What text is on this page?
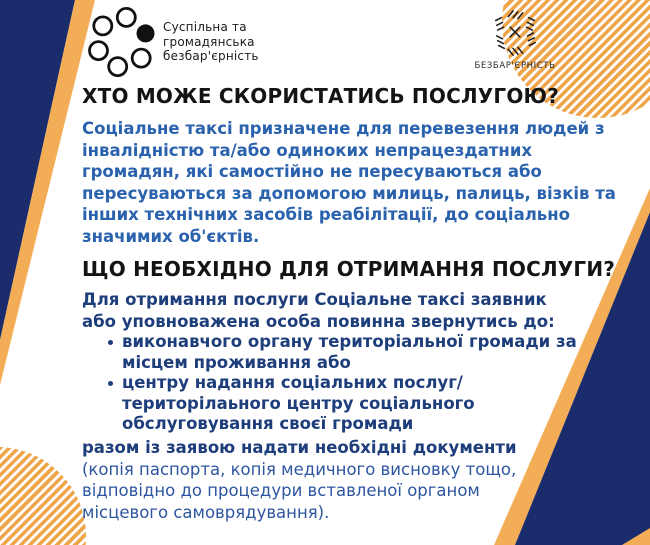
Суспільна та
громадянська
безбар'єрність
БЕЗБАР'ЄРНІСТЬ
ХТО МОЖЕ СКОРИСТАТИСЬ ПОСЛУГОЮ?
Соціальне таксі призначене для перевезення людей з
інвалідністю та/або одиноких непрацездатних
громадян, які самостійно не пересуваються або
пересуваються за допомогою милиць, палиць, візків та
інших технічних засобів реабілітації, до соціально
значимих об'єктів.
ЩО НЕОБХІДНО ДЛЯ ОТРИМАННЯ ПОСЛУГИ?
Для отримання послуги Соціальне таксі заявник
або уповноважена особа повинна звернутись до:
виконавчого органу територіальної громади за
місцем проживання або
центру надання соціальних послуг/
територілаьного центру соціального
обслуговування своєї громади
разом із заявою надати необхідні документи
(копія паспорта, копія медичного висновку тощо,
відповідно до процедури вставленої органом
місцевого самоврядування).
